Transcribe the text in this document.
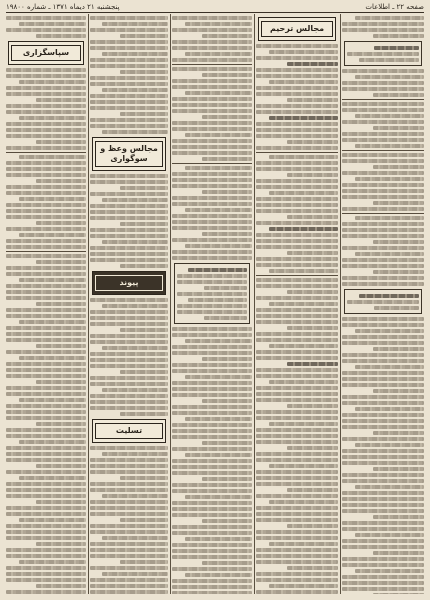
صفحه ۲۲ ـ اطلاعات
پنجشنبه ۲۱ دیماه ۱۳۷۱ ـ شماره ۱۹۸۰۰
مجالس ترحیم
مجالس وعظ و سوگواری
پیوند
تسلیت
سپاسگزاری
